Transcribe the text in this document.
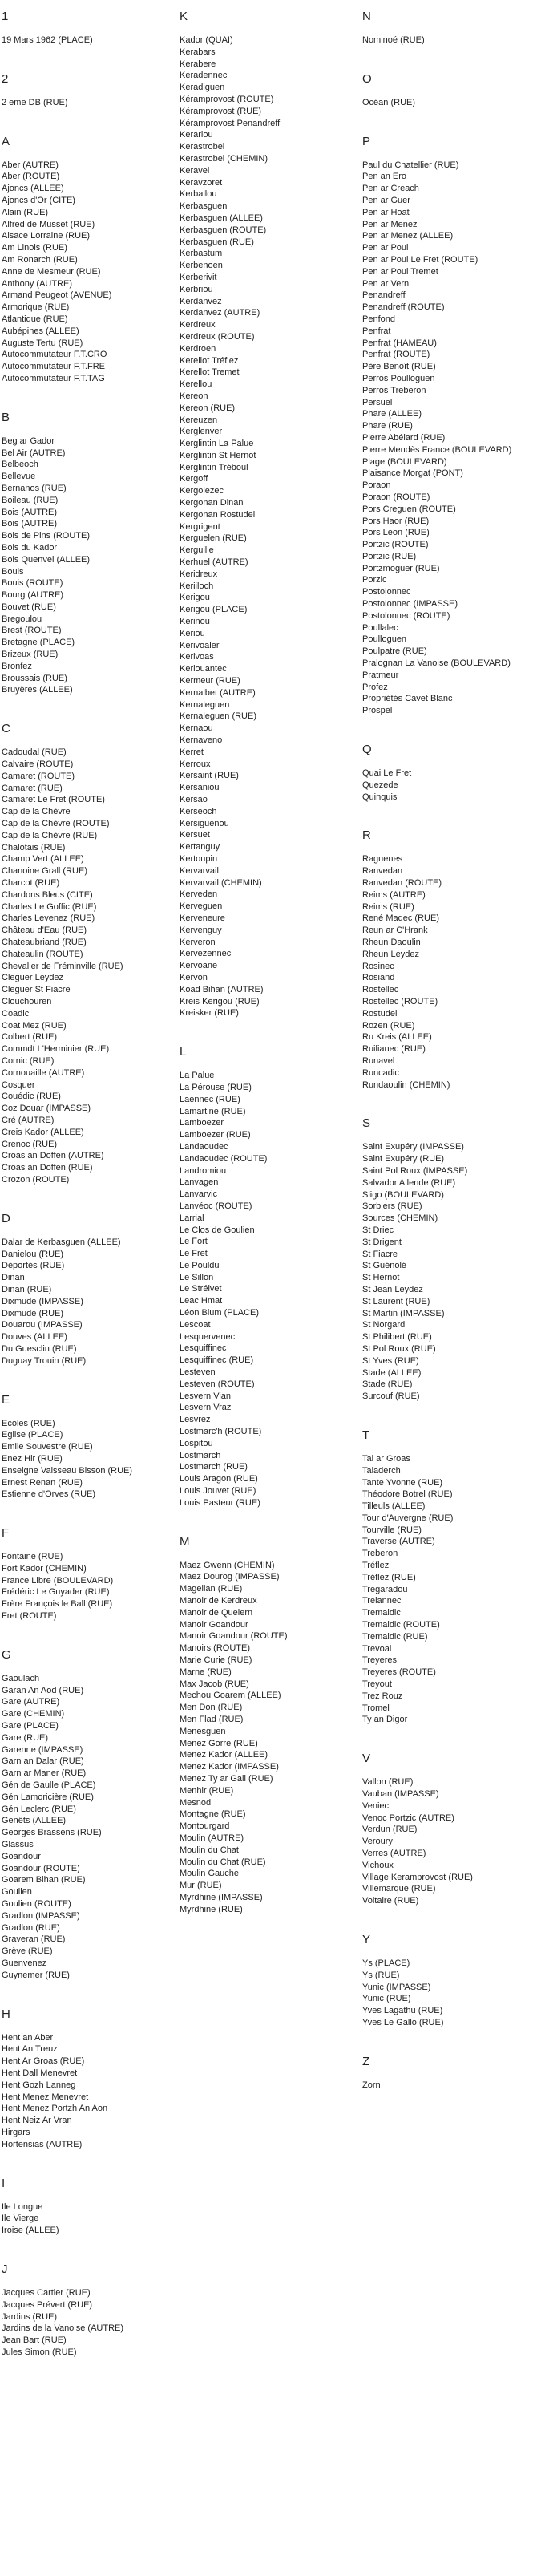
1
19 Mars 1962 (PLACE)
2
2 eme DB (RUE)
A
Aber (AUTRE)
Aber (ROUTE)
Ajoncs (ALLEE)
Ajoncs d'Or (CITE)
Alain (RUE)
Alfred de Musset (RUE)
Alsace Lorraine (RUE)
Am Linois (RUE)
Am Ronarch (RUE)
Anne de Mesmeur (RUE)
Anthony (AUTRE)
Armand Peugeot (AVENUE)
Armorique (RUE)
Atlantique (RUE)
Aubépines (ALLEE)
Auguste Tertu (RUE)
Autocommutateur F.T.CRO
Autocommutateur F.T.FRE
Autocommutateur F.T.TAG
B
Beg ar Gador
Bel Air (AUTRE)
Belbeoch
Bellevue
Bernanos (RUE)
Boileau (RUE)
Bois (AUTRE)
Bois (AUTRE)
Bois de Pins (ROUTE)
Bois du Kador
Bois Quenvel (ALLEE)
Bouis
Bouis (ROUTE)
Bourg (AUTRE)
Bouvet (RUE)
Bregoulou
Brest (ROUTE)
Bretagne (PLACE)
Brizeux (RUE)
Bronfez
Broussais (RUE)
Bruyères (ALLEE)
C
Cadoudal (RUE)
Calvaire (ROUTE)
Camaret (ROUTE)
Camaret (RUE)
Camaret Le Fret (ROUTE)
Cap de la Chèvre
Cap de la Chèvre (ROUTE)
Cap de la Chèvre (RUE)
Chalotais (RUE)
Champ Vert (ALLEE)
Chanoine Grall (RUE)
Charcot (RUE)
Chardons Bleus (CITE)
Charles Le Goffic (RUE)
Charles Levenez (RUE)
Château d'Eau (RUE)
Chateaubriand (RUE)
Chateaulin (ROUTE)
Chevalier de Fréminville (RUE)
Cleguer Leydez
Cleguer St Fiacre
Clouchouren
Coadic
Coat Mez (RUE)
Colbert (RUE)
Commdt L'Herminier (RUE)
Cornic (RUE)
Cornouaille (AUTRE)
Cosquer
Couédic (RUE)
Coz Douar (IMPASSE)
Cré (AUTRE)
Creis Kador (ALLEE)
Crenoc (RUE)
Croas an Doffen (AUTRE)
Croas an Doffen (RUE)
Crozon (ROUTE)
D
Dalar de Kerbasguen (ALLEE)
Danielou (RUE)
Déportés (RUE)
Dinan
Dinan (RUE)
Dixmude (IMPASSE)
Dixmude (RUE)
Douarou (IMPASSE)
Douves (ALLEE)
Du Guesclin (RUE)
Duguay Trouin (RUE)
E
Ecoles (RUE)
Eglise (PLACE)
Emile Souvestre (RUE)
Enez Hir (RUE)
Enseigne Vaisseau Bisson (RUE)
Ernest Renan (RUE)
Estienne d'Orves (RUE)
F
Fontaine (RUE)
Fort Kador (CHEMIN)
France Libre (BOULEVARD)
Frédéric Le Guyader (RUE)
Frère François le Ball (RUE)
Fret (ROUTE)
G
Gaoulach
Garan An Aod (RUE)
Gare (AUTRE)
Gare (CHEMIN)
Gare (PLACE)
Gare (RUE)
Garenne (IMPASSE)
Garn an Dalar (RUE)
Garn ar Maner (RUE)
Gén de Gaulle (PLACE)
Gén Lamoricière (RUE)
Gén Leclerc (RUE)
Genêts (ALLEE)
Georges Brassens (RUE)
Glassus
Goandour
Goandour (ROUTE)
Goarem Bihan (RUE)
Goulien
Goulien (ROUTE)
Gradlon (IMPASSE)
Gradlon (RUE)
Graveran (RUE)
Grève (RUE)
Guenvenez
Guynemer (RUE)
H
Hent an Aber
Hent An Treuz
Hent Ar Groas (RUE)
Hent Dall Menevret
Hent Gozh Lanneg
Hent Menez Menevret
Hent Menez Portzh An Aon
Hent Neiz Ar Vran
Hirgars
Hortensias (AUTRE)
I
Ile Longue
Ile Vierge
Iroise (ALLEE)
J
Jacques Cartier (RUE)
Jacques Prévert (RUE)
Jardins (RUE)
Jardins de la Vanoise (AUTRE)
Jean Bart (RUE)
Jules Simon (RUE)
K
Kador (QUAI)
Kerabars
Kerabere
Keradennec
Keradiguen
Kéramprovost (ROUTE)
Kéramprovost (RUE)
Kéramprovost Penandreff
Kerariou
Kerastrobel
Kerastrobel (CHEMIN)
Keravel
Keravzoret
Kerballou
Kerbasguen
Kerbasguen (ALLEE)
Kerbasguen (ROUTE)
Kerbasguen (RUE)
Kerbastum
Kerbenoen
Kerberivit
Kerbriou
Kerdanvez
Kerdanvez (AUTRE)
Kerdreux
Kerdreux (ROUTE)
Kerdroen
Kerellot Tréflez
Kerellot Tremet
Kerellou
Kereon
Kereon (RUE)
Kereuzen
Kerglenver
Kerglintin La Palue
Kerglintin St Hernot
Kerglintin Tréboul
Kergoff
Kergolezec
Kergonan Dinan
Kergonan Rostudel
Kergrigent
Kerguelen (RUE)
Kerguille
Kerhuel (AUTRE)
Keridreux
Keriiloch
Kerigou
Kerigou (PLACE)
Kerinou
Keriou
Kerivoaler
Kerivoas
Kerlouantec
Kermeur (RUE)
Kernalbet (AUTRE)
Kernaleguen
Kernaleguen (RUE)
Kernaou
Kernaveno
Kerret
Kerroux
Kersaint (RUE)
Kersaniou
Kersao
Kerseoch
Kersiguenou
Kersuet
Kertanguy
Kertoupin
Kervarvail
Kervarvail (CHEMIN)
Kerveden
Kerveguen
Kerveneure
Kervenguy
Kerveron
Kervezennec
Kervoane
Kervon
Koad Bihan (AUTRE)
Kreis Kerigou (RUE)
Kreisker (RUE)
L
La Palue
La Pérouse (RUE)
Laennec (RUE)
Lamartine (RUE)
Lamboezer
Lamboezer (RUE)
Landaoudec
Landaoudec (ROUTE)
Landromiou
Lanvagen
Lanvarvic
Lanvéoc (ROUTE)
Larrial
Le Clos de Goulien
Le Fort
Le Fret
Le Pouldu
Le Sillon
Le Stréivet
Leac Hmat
Léon Blum (PLACE)
Lescoat
Lesquervenec
Lesquiffinec
Lesquiffinec (RUE)
Lesteven
Lesteven (ROUTE)
Lesvern Vian
Lesvern Vraz
Lesvrez
Lostmarc'h (ROUTE)
Lospitou
Lostmarch
Lostmarch (RUE)
Louis Aragon (RUE)
Louis Jouvet (RUE)
Louis Pasteur (RUE)
M
Maez Gwenn (CHEMIN)
Maez Dourog (IMPASSE)
Magellan (RUE)
Manoir de Kerdreux
Manoir de Quelern
Manoir Goandour
Manoir Goandour (ROUTE)
Manoirs (ROUTE)
Marie Curie (RUE)
Marne (RUE)
Max Jacob (RUE)
Mechou Goarem (ALLEE)
Men Don (RUE)
Men Flad (RUE)
Menesguen
Menez Gorre (RUE)
Menez Kador (ALLEE)
Menez Kador (IMPASSE)
Menez Ty ar Gall (RUE)
Menhir (RUE)
Mesnod
Montagne (RUE)
Montourgard
Moulin (AUTRE)
Moulin du Chat
Moulin du Chat (RUE)
Moulin Gauche
Mur (RUE)
Myrdhine (IMPASSE)
Myrdhine (RUE)
N
Nominoé (RUE)
O
Océan (RUE)
P
Paul du Chatellier (RUE)
Pen an Ero
Pen ar Creach
Pen ar Guer
Pen ar Hoat
Pen ar Menez
Pen ar Menez (ALLEE)
Pen ar Poul
Pen ar Poul Le Fret (ROUTE)
Pen ar Poul Tremet
Pen ar Vern
Penandreff
Penandreff (ROUTE)
Penfond
Penfrat
Penfrat (HAMEAU)
Penfrat (ROUTE)
Père Benoît (RUE)
Perros Poulloguen
Perros Treberon
Persuel
Phare (ALLEE)
Phare (RUE)
Pierre Abélard (RUE)
Pierre Mendès France (BOULEVARD)
Plage (BOULEVARD)
Plaisance Morgat (PONT)
Poraon
Poraon (ROUTE)
Pors Creguen (ROUTE)
Pors Haor (RUE)
Pors Léon (RUE)
Portzic (ROUTE)
Portzic (RUE)
Portzmoguer (RUE)
Porzic
Postolonnec
Postolonnec (IMPASSE)
Postolonnec (ROUTE)
Poullalec
Poulloguen
Poulpatre (RUE)
Pralognan La Vanoise (BOULEVARD)
Pratmeur
Profez
Propriétés Cavet Blanc
Prospel
Q
Quai Le Fret
Quezede
Quinquis
R
Raguenes
Ranvedan
Ranvedan (ROUTE)
Reims (AUTRE)
Reims (RUE)
René Madec (RUE)
Reun ar C'Hrank
Rheun Daoulin
Rheun Leydez
Rosinec
Rosiand
Rostellec
Rostellec (ROUTE)
Rostudel
Rozen (RUE)
Ru Kreis (ALLEE)
Ruilianec (RUE)
Runavel
Runcadic
Rundaoulin (CHEMIN)
S
Saint Exupéry (IMPASSE)
Saint Exupéry (RUE)
Saint Pol Roux (IMPASSE)
Salvador Allende (RUE)
Sligo (BOULEVARD)
Sorbiers (RUE)
Sources (CHEMIN)
St Driec
St Drigent
St Fiacre
St Guénolé
St Hernot
St Jean Leydez
St Laurent (RUE)
St Martin (IMPASSE)
St Norgard
St Philibert (RUE)
St Pol Roux (RUE)
St Yves (RUE)
Stade (ALLEE)
Stade (RUE)
Surcouf (RUE)
T
Tal ar Groas
Taladerch
Tante Yvonne (RUE)
Théodore Botrel (RUE)
Tilleuls (ALLEE)
Tour d'Auvergne (RUE)
Tourville (RUE)
Traverse (AUTRE)
Treberon
Tréflez
Tréflez (RUE)
Tregaradou
Trelannec
Tremaidic
Tremaidic (ROUTE)
Tremaidic (RUE)
Trevoal
Treyeres
Treyeres (ROUTE)
Treyout
Trez Rouz
Tromel
Ty an Digor
V
Vallon (RUE)
Vauban (IMPASSE)
Veniec
Venoc Portzic (AUTRE)
Verdun (RUE)
Veroury
Verres (AUTRE)
Vichoux
Village Keramprovost (RUE)
Villemarqué (RUE)
Voltaire (RUE)
Y
Ys (PLACE)
Ys (RUE)
Yunic (IMPASSE)
Yunic (RUE)
Yves Lagathu (RUE)
Yves Le Gallo (RUE)
Z
Zorn
